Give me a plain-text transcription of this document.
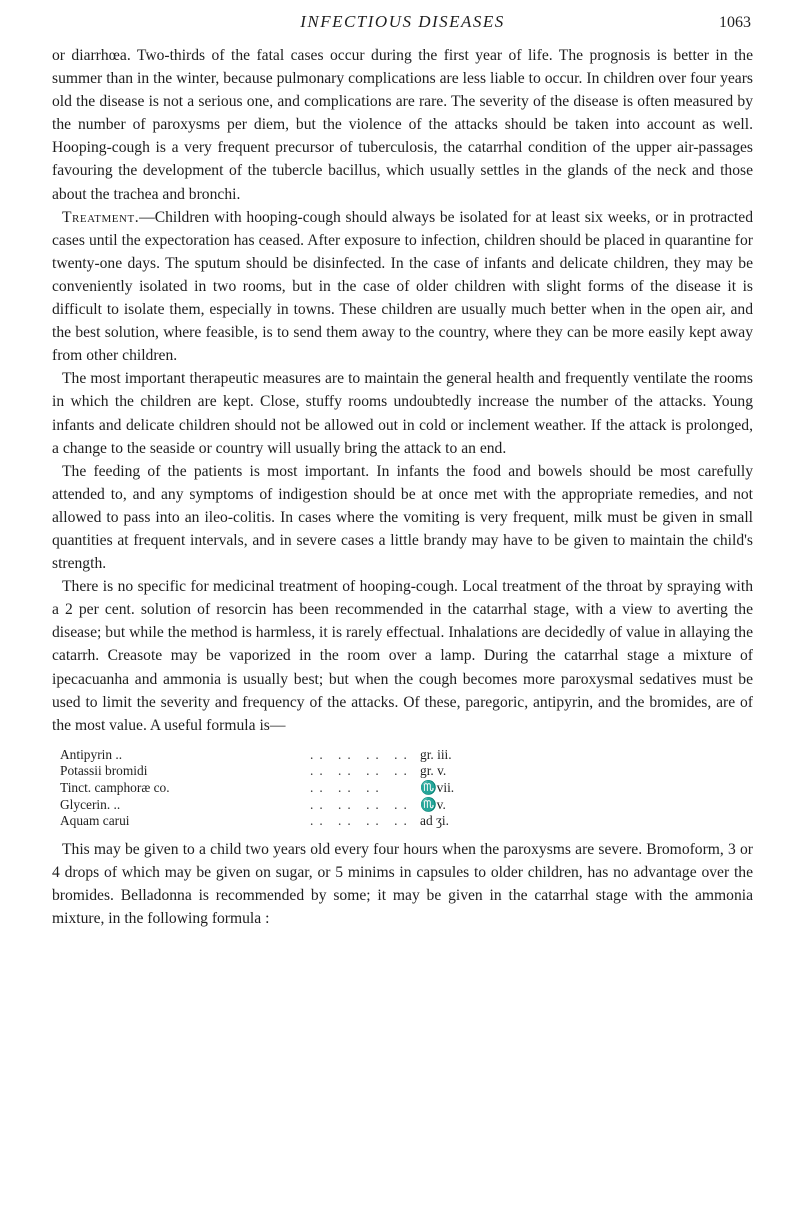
INFECTIOUS DISEASES	1063

or diarrhœa. Two-thirds of the fatal cases occur during the first year of life. The prognosis is better in the summer than in the winter, because pulmonary complications are less liable to occur. In children over four years old the disease is not a serious one, and complications are rare. The severity of the disease is often measured by the number of paroxysms per diem, but the violence of the attacks should be taken into account as well. Hooping-cough is a very frequent precursor of tuberculosis, the catarrhal condition of the upper air-passages favouring the development of the tubercle bacillus, which usually settles in the glands of the neck and those about the trachea and bronchi.

Treatment.—Children with hooping-cough should always be isolated for at least six weeks, or in protracted cases until the expectoration has ceased. After exposure to infection, children should be placed in quarantine for twenty-one days. The sputum should be disinfected. In the case of infants and delicate children, they may be conveniently isolated in two rooms, but in the case of older children with slight forms of the disease it is difficult to isolate them, especially in towns. These children are usually much better when in the open air, and the best solution, where feasible, is to send them away to the country, where they can be more easily kept away from other children.

The most important therapeutic measures are to maintain the general health and frequently ventilate the rooms in which the children are kept. Close, stuffy rooms undoubtedly increase the number of the attacks. Young infants and delicate children should not be allowed out in cold or inclement weather. If the attack is prolonged, a change to the seaside or country will usually bring the attack to an end.

The feeding of the patients is most important. In infants the food and bowels should be most carefully attended to, and any symptoms of indigestion should be at once met with the appropriate remedies, and not allowed to pass into an ileo-colitis. In cases where the vomiting is very frequent, milk must be given in small quantities at frequent intervals, and in severe cases a little brandy may have to be given to maintain the child's strength.

There is no specific for medicinal treatment of hooping-cough. Local treatment of the throat by spraying with a 2 per cent. solution of resorcin has been recommended in the catarrhal stage, with a view to averting the disease; but while the method is harmless, it is rarely effectual. Inhalations are decidedly of value in allaying the catarrh. Creasote may be vaporized in the room over a lamp. During the catarrhal stage a mixture of ipecacuanha and ammonia is usually best; but when the cough becomes more paroxysmal sedatives must be used to limit the severity and frequency of the attacks. Of these, paregoric, antipyrin, and the bromides, are of the most value. A useful formula is—

Antipyrin ..	.. .. .. .. gr. iii.
Potassii bromidi	.. .. .. .. gr. v.
Tinct. camphoræ co.	.. .. ..	♏vii.
Glycerin. ..	.. .. .. .. ♏v.
Aquam carui	.. .. .. .. ad ʒi.

This may be given to a child two years old every four hours when the paroxysms are severe. Bromoform, 3 or 4 drops of which may be given on sugar, or 5 minims in capsules to older children, has no advantage over the bromides. Belladonna is recommended by some; it may be given in the catarrhal stage with the ammonia mixture, in the following formula :
